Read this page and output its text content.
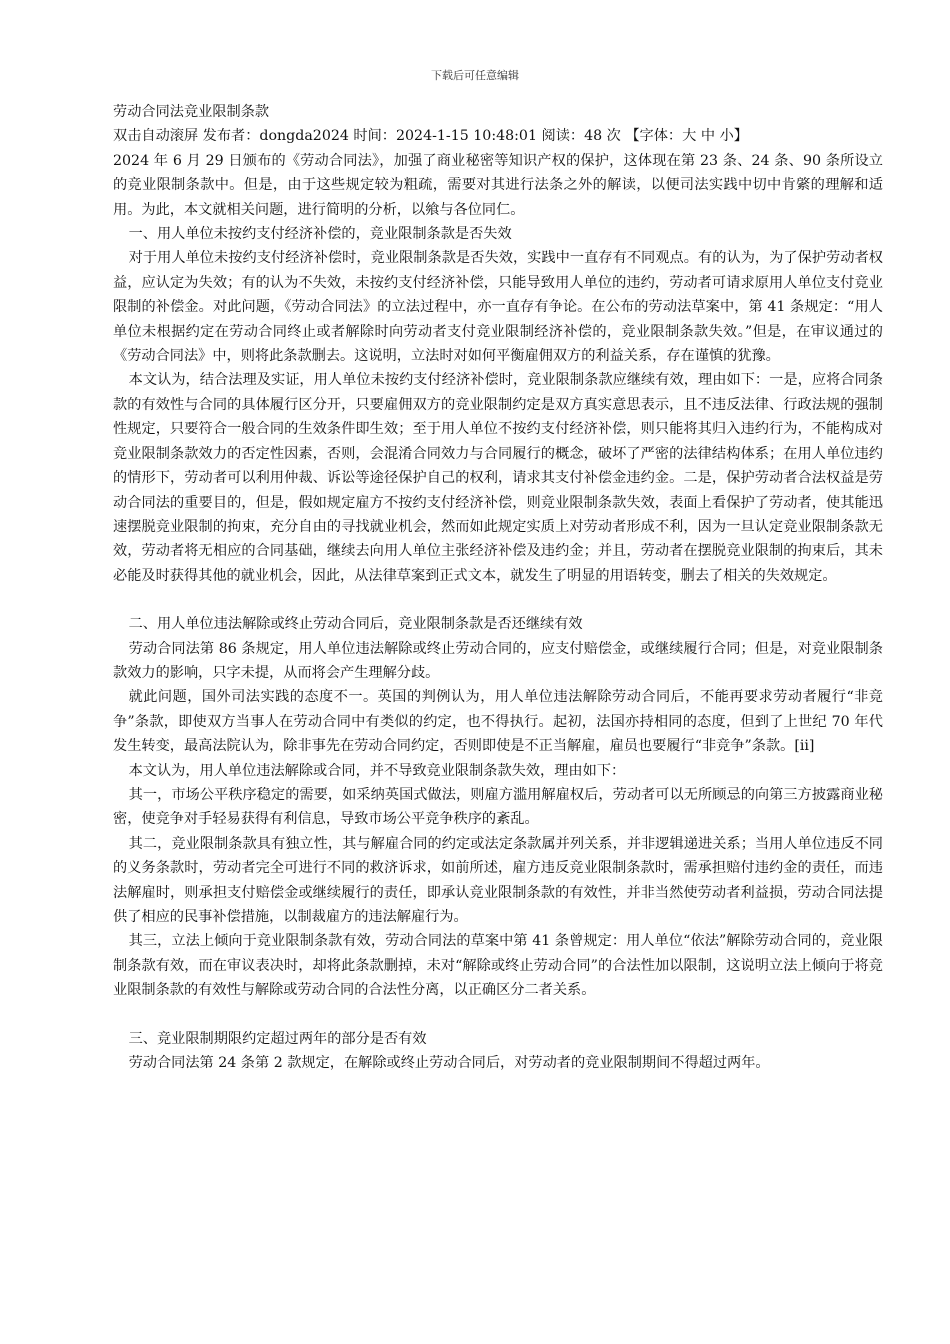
下载后可任意编辑

劳动合同法竞业限制条款

双击自动滚屏 发布者：dongda2024 时间：2024-1-15 10:48:01 阅读：48 次 【字体：大 中 小】

2024 年 6 月 29 日颁布的《劳动合同法》，加强了商业秘密等知识产权的保护，这体现在第 23 条、24 条、90 条所设立的竞业限制条款中。但是，由于这些规定较为粗疏，需要对其进行法条之外的解读，以便司法实践中切中肯綮的理解和适用。为此，本文就相关问题，进行简明的分析，以飨与各位同仁。

一、用人单位未按约支付经济补偿的，竞业限制条款是否失效

对于用人单位未按约支付经济补偿时，竞业限制条款是否失效，实践中一直存有不同观点。有的认为，为了保护劳动者权益，应认定为失效；有的认为不失效，未按约支付经济补偿，只能导致用人单位的违约，劳动者可请求原用人单位支付竞业限制的补偿金。对此问题，《劳动合同法》的立法过程中，亦一直存有争论。在公布的劳动法草案中，第 41 条规定：“用人单位未根据约定在劳动合同终止或者解除时向劳动者支付竞业限制经济补偿的，竞业限制条款失效。”但是，在审议通过的《劳动合同法》中，则将此条款删去。这说明，立法时对如何平衡雇佣双方的利益关系，存在谨慎的犹豫。

本文认为，结合法理及实证，用人单位未按约支付经济补偿时，竞业限制条款应继续有效，理由如下：一是，应将合同条款的有效性与合同的具体履行区分开，只要雇佣双方的竞业限制约定是双方真实意思表示，且不违反法律、行政法规的强制性规定，只要符合一般合同的生效条件即生效；至于用人单位不按约支付经济补偿，则只能将其归入违约行为，不能构成对竞业限制条款效力的否定性因素，否则，会混淆合同效力与合同履行的概念，破坏了严密的法律结构体系；在用人单位违约的情形下，劳动者可以利用仲裁、诉讼等途径保护自己的权利，请求其支付补偿金违约金。二是，保护劳动者合法权益是劳动合同法的重要目的，但是，假如规定雇方不按约支付经济补偿，则竞业限制条款失效，表面上看保护了劳动者，使其能迅速摆脱竞业限制的拘束，充分自由的寻找就业机会，然而如此规定实质上对劳动者形成不利，因为一旦认定竞业限制条款无效，劳动者将无相应的合同基础，继续去向用人单位主张经济补偿及违约金；并且，劳动者在摆脱竞业限制的拘束后，其未必能及时获得其他的就业机会，因此，从法律草案到正式文本，就发生了明显的用语转变，删去了相关的失效规定。

二、用人单位违法解除或终止劳动合同后，竞业限制条款是否还继续有效

劳动合同法第 86 条规定，用人单位违法解除或终止劳动合同的，应支付赔偿金，或继续履行合同；但是，对竞业限制条款效力的影响，只字未提，从而将会产生理解分歧。

就此问题，国外司法实践的态度不一。英国的判例认为，用人单位违法解除劳动合同后，不能再要求劳动者履行“非竞争”条款，即使双方当事人在劳动合同中有类似的约定，也不得执行。起初，法国亦持相同的态度，但到了上世纪 70 年代发生转变，最高法院认为，除非事先在劳动合同约定，否则即使是不正当解雇，雇员也要履行“非竞争”条款。[ii]

本文认为，用人单位违法解除或合同，并不导致竞业限制条款失效，理由如下：

其一，市场公平秩序稳定的需要，如采纳英国式做法，则雇方滥用解雇权后，劳动者可以无所顾忌的向第三方披露商业秘密，使竞争对手轻易获得有利信息，导致市场公平竞争秩序的紊乱。

其二，竞业限制条款具有独立性，其与解雇合同的约定或法定条款属并列关系，并非逻辑递进关系；当用人单位违反不同的义务条款时，劳动者完全可进行不同的救济诉求，如前所述，雇方违反竞业限制条款时，需承担赔付违约金的责任，而违法解雇时，则承担支付赔偿金或继续履行的责任，即承认竞业限制条款的有效性，并非当然使劳动者利益损，劳动合同法提供了相应的民事补偿措施，以制裁雇方的违法解雇行为。

其三，立法上倾向于竞业限制条款有效，劳动合同法的草案中第 41 条曾规定：用人单位“依法”解除劳动合同的，竞业限制条款有效，而在审议表决时，却将此条款删掉，未对“解除或终止劳动合同”的合法性加以限制，这说明立法上倾向于将竞业限制条款的有效性与解除或劳动合同的合法性分离，以正确区分二者关系。

三、竞业限制期限约定超过两年的部分是否有效

劳动合同法第 24 条第 2 款规定，在解除或终止劳动合同后，对劳动者的竞业限制期间不得超过两年。
